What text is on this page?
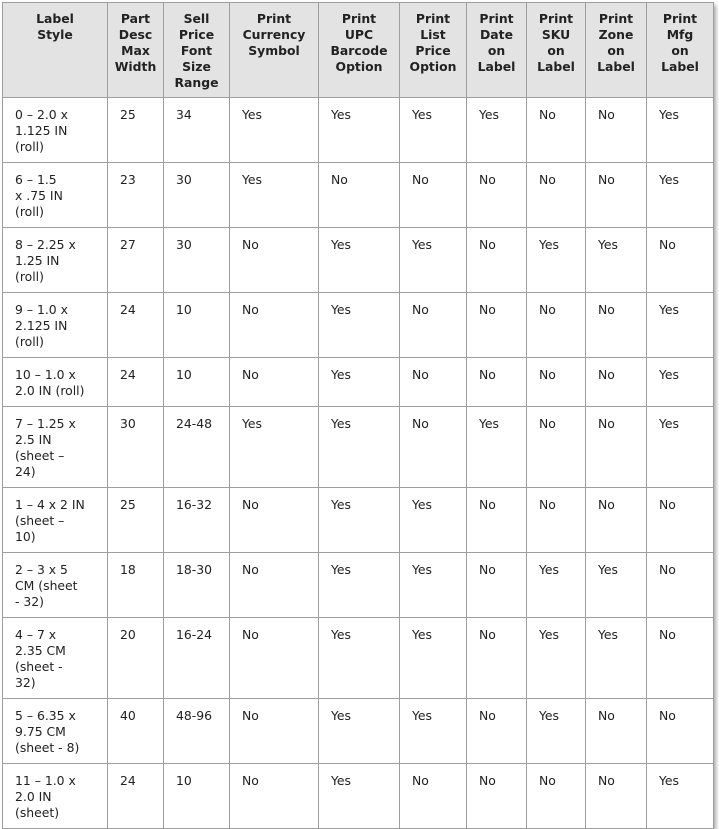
Label
Style	Part
Desc
Max
Width	Sell
Price
Font
Size
Range	Print
Currency
Symbol	Print
UPC
Barcode
Option	Print
List
Price
Option	Print
Date
on
Label	Print
SKU
on
Label	Print
Zone
on
Label	Print
Mfg
on
Label
0 – 2.0 x
1.125 IN
(roll)	25	34	Yes	Yes	Yes	Yes	No	No	Yes
6 – 1.5
x .75 IN
(roll)	23	30	Yes	No	No	No	No	No	Yes
8 – 2.25 x
1.25 IN
(roll)	27	30	No	Yes	Yes	No	Yes	Yes	No
9 – 1.0 x
2.125 IN
(roll)	24	10	No	Yes	No	No	No	No	Yes
10 – 1.0 x
2.0 IN (roll)	24	10	No	Yes	No	No	No	No	Yes
7 – 1.25 x
2.5 IN
(sheet –
24)	30	24-48	Yes	Yes	No	Yes	No	No	Yes
1 – 4 x 2 IN
(sheet –
10)	25	16-32	No	Yes	Yes	No	No	No	No
2 – 3 x 5
CM (sheet
- 32)	18	18-30	No	Yes	Yes	No	Yes	Yes	No
4 – 7 x
2.35 CM
(sheet -
32)	20	16-24	No	Yes	Yes	No	Yes	Yes	No
5 – 6.35 x
9.75 CM
(sheet - 8)	40	48-96	No	Yes	Yes	No	Yes	No	No
11 – 1.0 x
2.0 IN
(sheet)	24	10	No	Yes	No	No	No	No	Yes
